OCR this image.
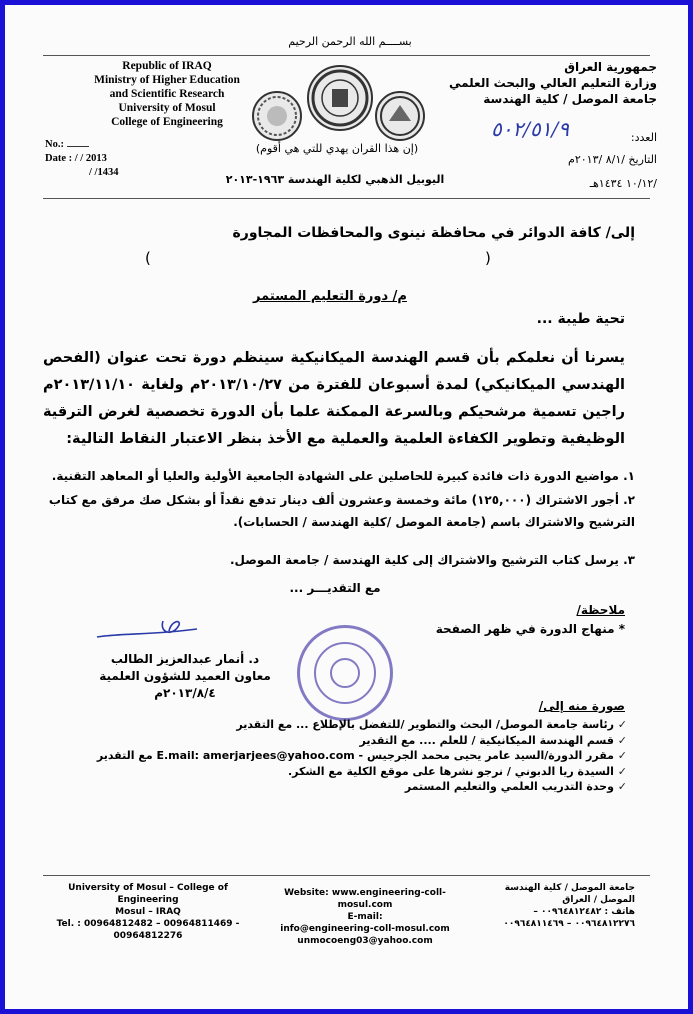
بســــم الله الرحمن الرحيم
Republic of IRAQ
Ministry of Higher Education
and Scientific Research
University of Mosul
College of Engineering
No.:
Date : / / 2013
/ /1434
(إن هذا القران يهدي للتي هي أقوم)
جمهورية العراق
وزارة التعليم العالي والبحث العلمي
جامعة الموصل / كلية الهندسة
العدد:
٥٠٢/٥١/٩
التاريخ /٨/١ /٢٠١٣م
/١٠/١٢ ١٤٣٤هـ
اليوبيل الذهبي لكلية الهندسة ١٩٦٣-٢٠١٣
إلى/ كافة الدوائر في محافظة نينوى والمحافظات المجاورة
(	)
م/ دورة التعليم المستمر
تحية طيبة ...
يسرنا أن نعلمكم بأن قسم الهندسة الميكانيكية سينظم دورة تحت عنوان (الفحص الهندسي الميكانيكي) لمدة أسبوعان للفترة من ٢٠١٣/١٠/٢٧م ولغاية ٢٠١٣/١١/١٠م راجين تسمية مرشحيكم وبالسرعة الممكنة علما بأن الدورة تخصصية لغرض الترقية الوظيفية وتطوير الكفاءة العلمية والعملية مع الأخذ بنظر الاعتبار النقاط التالية:
١. مواضيع الدورة ذات فائدة كبيرة للحاصلين على الشهادة الجامعية الأولية والعليا أو المعاهد التقنية.
٢. أجور الاشتراك (١٢٥,٠٠٠) مائة وخمسة وعشرون ألف دينار تدفع نقداً أو بشكل صك مرفق مع كتاب الترشيح والاشتراك باسم (جامعة الموصل /كلية الهندسة / الحسابات).
٣. يرسل كتاب الترشيح والاشتراك إلى كلية الهندسة / جامعة الموصل.
مع التقديـــر ...
ملاحظة/
* منهاج الدورة في ظهر الصفحة
د. أنمار عبدالعزيز الطالب
معاون العميد للشؤون العلمية
٢٠١٣/٨/٤م
صورة منه إلى/
✓ رئاسة جامعة الموصل/ البحث والتطوير /للتفضل بالإطلاع ... مع التقدير
✓ قسم الهندسة الميكانيكية / للعلم .... مع التقدير
✓ مقرر الدورة/السيد عامر يحيى محمد الجرجيس - E.mail: amerjarjees@yahoo.com مع التقدير
✓ السيدة ريا الدبوني / نرجو نشرها على موقع الكلية مع الشكر.
✓ وحدة التدريب العلمي والتعليم المستمر
University of Mosul – College of Engineering
Mosul – IRAQ
Tel. : 00964812482 – 00964811469 -
00964812276
Website: www.engineering-coll-mosul.com
E-mail:
info@engineering-coll-mosul.com
unmocoeng03@yahoo.com
جامعة الموصل / كلية الهندسة
الموصل / العراق
هاتف : ٠٠٩٦٤٨١٢٤٨٢ –
٠٠٩٦٤٨١٢٢٧٦ – ٠٠٩٦٤٨١١٤٦٩
